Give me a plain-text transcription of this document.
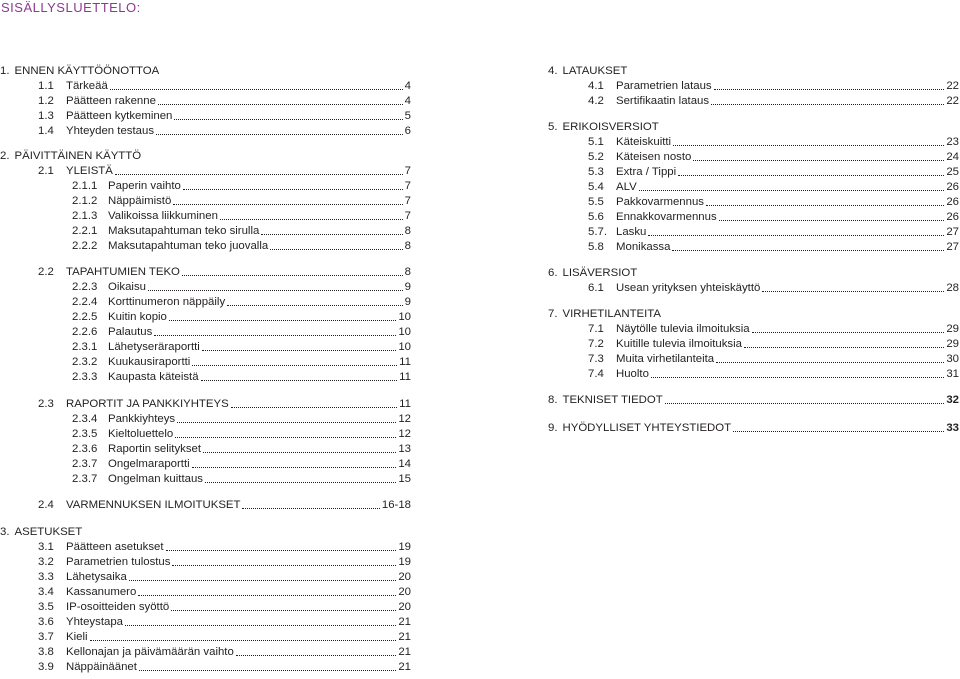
SISÄLLYSLUETTELO:
1. ENNEN KÄYTTÖÖNOTTOA
1.1 Tärkeää	4
1.2 Päätteen rakenne	4
1.3 Päätteen kytkeminen	5
1.4 Yhteyden testaus	6
2. PÄIVITTÄINEN KÄYTTÖ
2.1 YLEISTÄ	7
2.1.1 Paperin vaihto	7
2.1.2 Näppäimistö	7
2.1.3 Valikoissa liikkuminen	7
2.2.1 Maksutapahtuman teko sirulla	8
2.2.2 Maksutapahtuman teko juovalla	8
2.2 TAPAHTUMIEN TEKO	8
2.2.3 Oikaisu	9
2.2.4 Korttinumeron näppäily	9
2.2.5 Kuitin kopio	10
2.2.6 Palautus	10
2.3.1 Lähetyseräraportti	10
2.3.2 Kuukausiraportti	11
2.3.3 Kaupasta käteistä	11
2.3 RAPORTIT JA PANKKIYHTEYS	11
2.3.4 Pankkiyhteys	12
2.3.5 Kieltoluettelo	12
2.3.6 Raportin selitykset	13
2.3.7 Ongelmaraportti	14
2.3.7 Ongelman kuittaus	15
2.4 VARMENNUKSEN ILMOITUKSET	16-18
3. ASETUKSET
3.1 Päätteen asetukset	19
3.2 Parametrien tulostus	19
3.3 Lähetysaika	20
3.4 Kassanumero	20
3.5 IP-osoitteiden syöttö	20
3.6 Yhteystapa	21
3.7 Kieli	21
3.8 Kellonajan ja päivämäärän vaihto	21
3.9 Näppäinäänet	21
4. LATAUKSET
4.1 Parametrien lataus	22
4.2 Sertifikaatin lataus	22
5. ERIKOISVERSIOT
5.1 Käteiskuitti	23
5.2 Käteisen nosto	24
5.3 Extra / Tippi	25
5.4 ALV	26
5.5 Pakkovarmennus	26
5.6 Ennakkovarmennus	26
5.7. Lasku	27
5.8 Monikassa	27
6. LISÄVERSIOT
6.1 Usean yrityksen yhteiskäyttö	28
7. VIRHETILANTEITA
7.1 Näytölle tulevia ilmoituksia	29
7.2 Kuitille tulevia ilmoituksia	29
7.3 Muita virhetilanteita	30
7.4 Huolto	31
8. TEKNISET TIEDOT	32
9. HYÖDYLLISET YHTEYSTIEDOT	33
